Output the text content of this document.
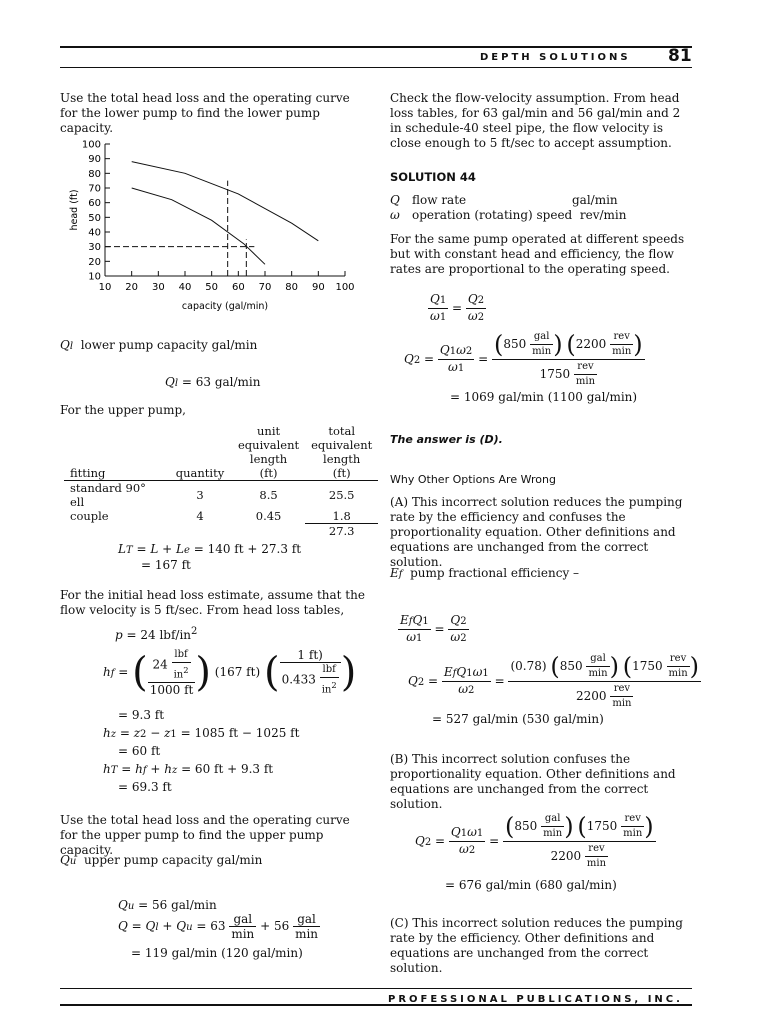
DEPTH SOLUTIONS 81
Use the total head loss and the operating curve for the lower pump to find the lower pump capacity.
10
20
30
40
50
60
70
80
90
100
10 20 30 40 50 60 70 80 90 100
capacity (gal/min)
head (ft)
Ql lower pump capacity gal/min
Ql = 63 gal/min
For the upper pump,
		unit	total
		equivalent	equivalent
		length	length
fitting	quantity	(ft)	(ft)
standard 90° ell	3	8.5	25.5
couple	4	0.45	1.8
			27.3
LT = L + Le = 140 ft + 27.3 ft
= 167 ft
For the initial head loss estimate, assume that the flow velocity is 5 ft/sec. From head loss tables,
p = 24 lbf/$in^2$
hf = ( $\frac{24 \frac{\text{lbf}}{in^2}}{1000 ft}$ ) (167 ft) ( $\frac{1 ft)}{0.433 \frac{\text{lbf}}{in^2}}$ )
= 9.3 ft
hz = z2 − z1 = 1085 ft − 1025 ft
= 60 ft
hT = hf + hz = 60 ft + 9.3 ft
= 69.3 ft
Use the total head loss and the operating curve for the upper pump to find the upper pump capacity.
Qu upper pump capacity gal/min
Qu = 56 gal/min
$Q = Ql + Qu = 63 \frac{\text{gal}}{\min} + 56 \frac{\text{gal}}{\min}$
= 119 gal/min (120 gal/min)
Check the flow-velocity assumption. From head loss tables, for 63 gal/min and 56 gal/min and 2 in schedule-40 steel pipe, the flow velocity is close enough to 5 ft/sec to accept assumption.
SOLUTION 44
Q flow rate	gal/min
ω operation (rotating) speed rev/min
For the same pump operated at different speeds but with constant head and efficiency, the flow rates are proportional to the operating speed.
$\frac{Q1}{\omega 1} = \frac{Q2}{\omega 2}$
$Q2 = \frac{Q1\omega 2}{\omega 1} = \frac{(850 \frac{\text{gal}}{\min} ) (2200 \frac{\text{rev}}{\min} )}{1750 \frac{\text{rev}}{\min}}$
= 1069 gal/min (1100 gal/min)
The answer is (D).
Why Other Options Are Wrong
(A) This incorrect solution reduces the pumping rate by the efficiency and confuses the proportionality equation. Other definitions and equations are unchanged from the correct solution.
Ef pump fractional efficiency –
$\frac{\text{EfQ1}}{\omega 1} = \frac{Q2}{\omega 2}$
$Q2 = \frac{\text{EfQ1ω1}}{\omega 2} = \frac{(0.78) (850 \frac{\text{gal}}{\min} ) (1750 \frac{\text{rev}}{\min} )}{2200 \frac{\text{rev}}{\min}}$
= 527 gal/min (530 gal/min)
(B) This incorrect solution confuses the proportionality equation. Other definitions and equations are unchanged from the correct solution.
$Q2 = \frac{Q1\omega 1}{\omega 2} = \frac{(850 \frac{\text{gal}}{\min} ) (1750 \frac{\text{rev}}{\min} )}{2200 \frac{\text{rev}}{\min}}$
= 676 gal/min (680 gal/min)
(C) This incorrect solution reduces the pumping rate by the efficiency. Other definitions and equations are unchanged from the correct solution.
PROFESSIONAL PUBLICATIONS, INC.
